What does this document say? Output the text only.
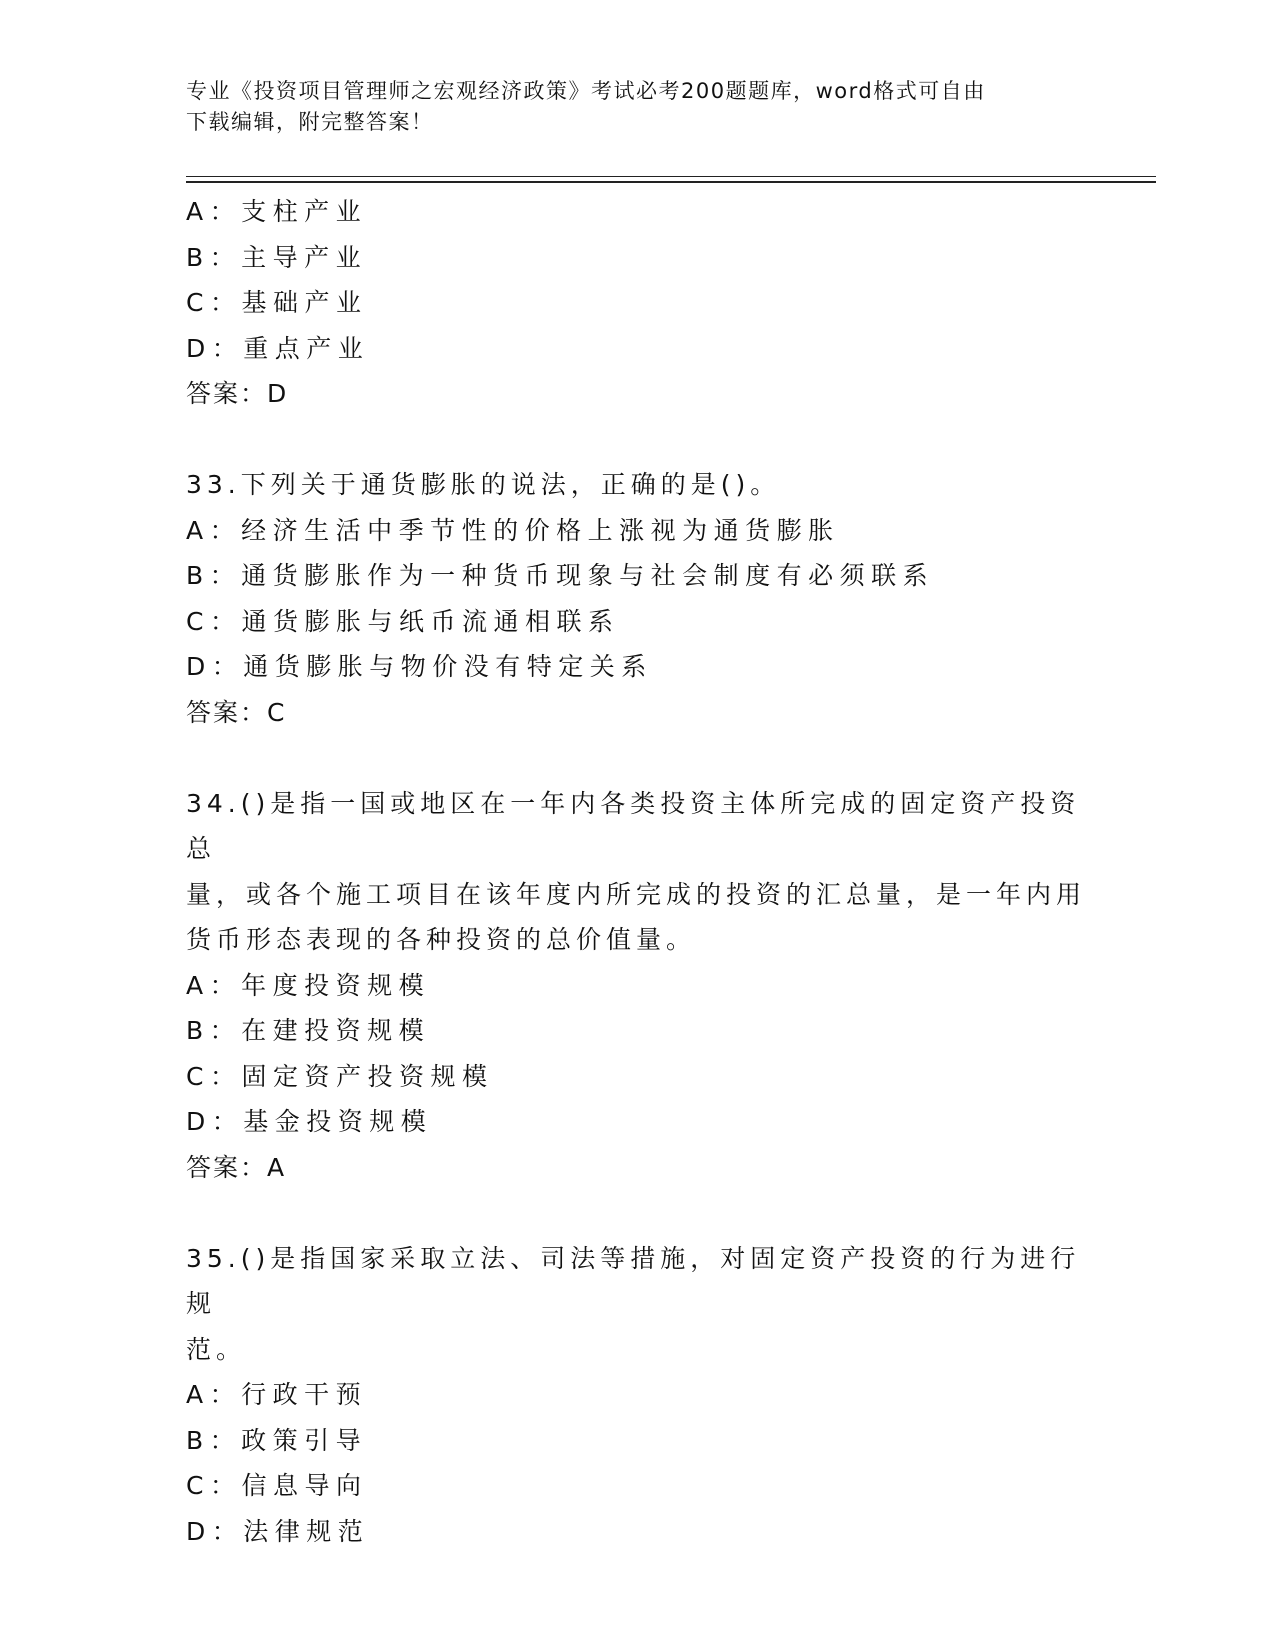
专业《投资项目管理师之宏观经济政策》考试必考200题题库，word格式可自由
下载编辑，附完整答案！
A：支柱产业
B：主导产业
C：基础产业
D：重点产业
答案：D
33.下列关于通货膨胀的说法，正确的是()。
A：经济生活中季节性的价格上涨视为通货膨胀
B：通货膨胀作为一种货币现象与社会制度有必须联系
C：通货膨胀与纸币流通相联系
D：通货膨胀与物价没有特定关系
答案：C
34.()是指一国或地区在一年内各类投资主体所完成的固定资产投资总
量，或各个施工项目在该年度内所完成的投资的汇总量，是一年内用
货币形态表现的各种投资的总价值量。
A：年度投资规模
B：在建投资规模
C：固定资产投资规模
D：基金投资规模
答案：A
35.()是指国家采取立法、司法等措施，对固定资产投资的行为进行规
范。
A：行政干预
B：政策引导
C：信息导向
D：法律规范
